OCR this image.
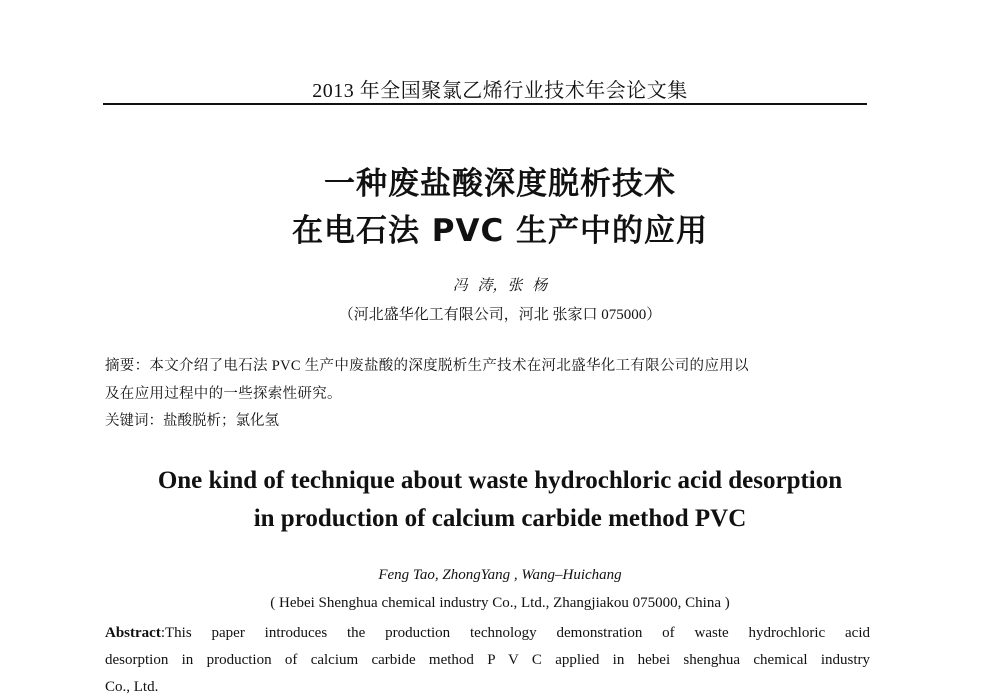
2013 年全国聚氯乙烯行业技术年会论文集
一种废盐酸深度脱析技术
在电石法 PVC 生产中的应用
冯 涛，张 杨
（河北盛华化工有限公司，河北 张家口 075000）
摘要：本文介绍了电石法 PVC 生产中废盐酸的深度脱析生产技术在河北盛华化工有限公司的应用以
及在应用过程中的一些探索性研究。
关键词：盐酸脱析；氯化氢
One kind of technique about waste hydrochloric acid desorption
in production of calcium carbide method PVC
Feng Tao, ZhongYang , Wang–Huichang
( Hebei Shenghua chemical industry Co., Ltd., Zhangjiakou 075000, China )
Abstract:This paper introduces the production technology demonstration of waste hydrochloric acid
desorption in production of calcium carbide method P V C applied in hebei shenghua chemical industry
Co., Ltd.
